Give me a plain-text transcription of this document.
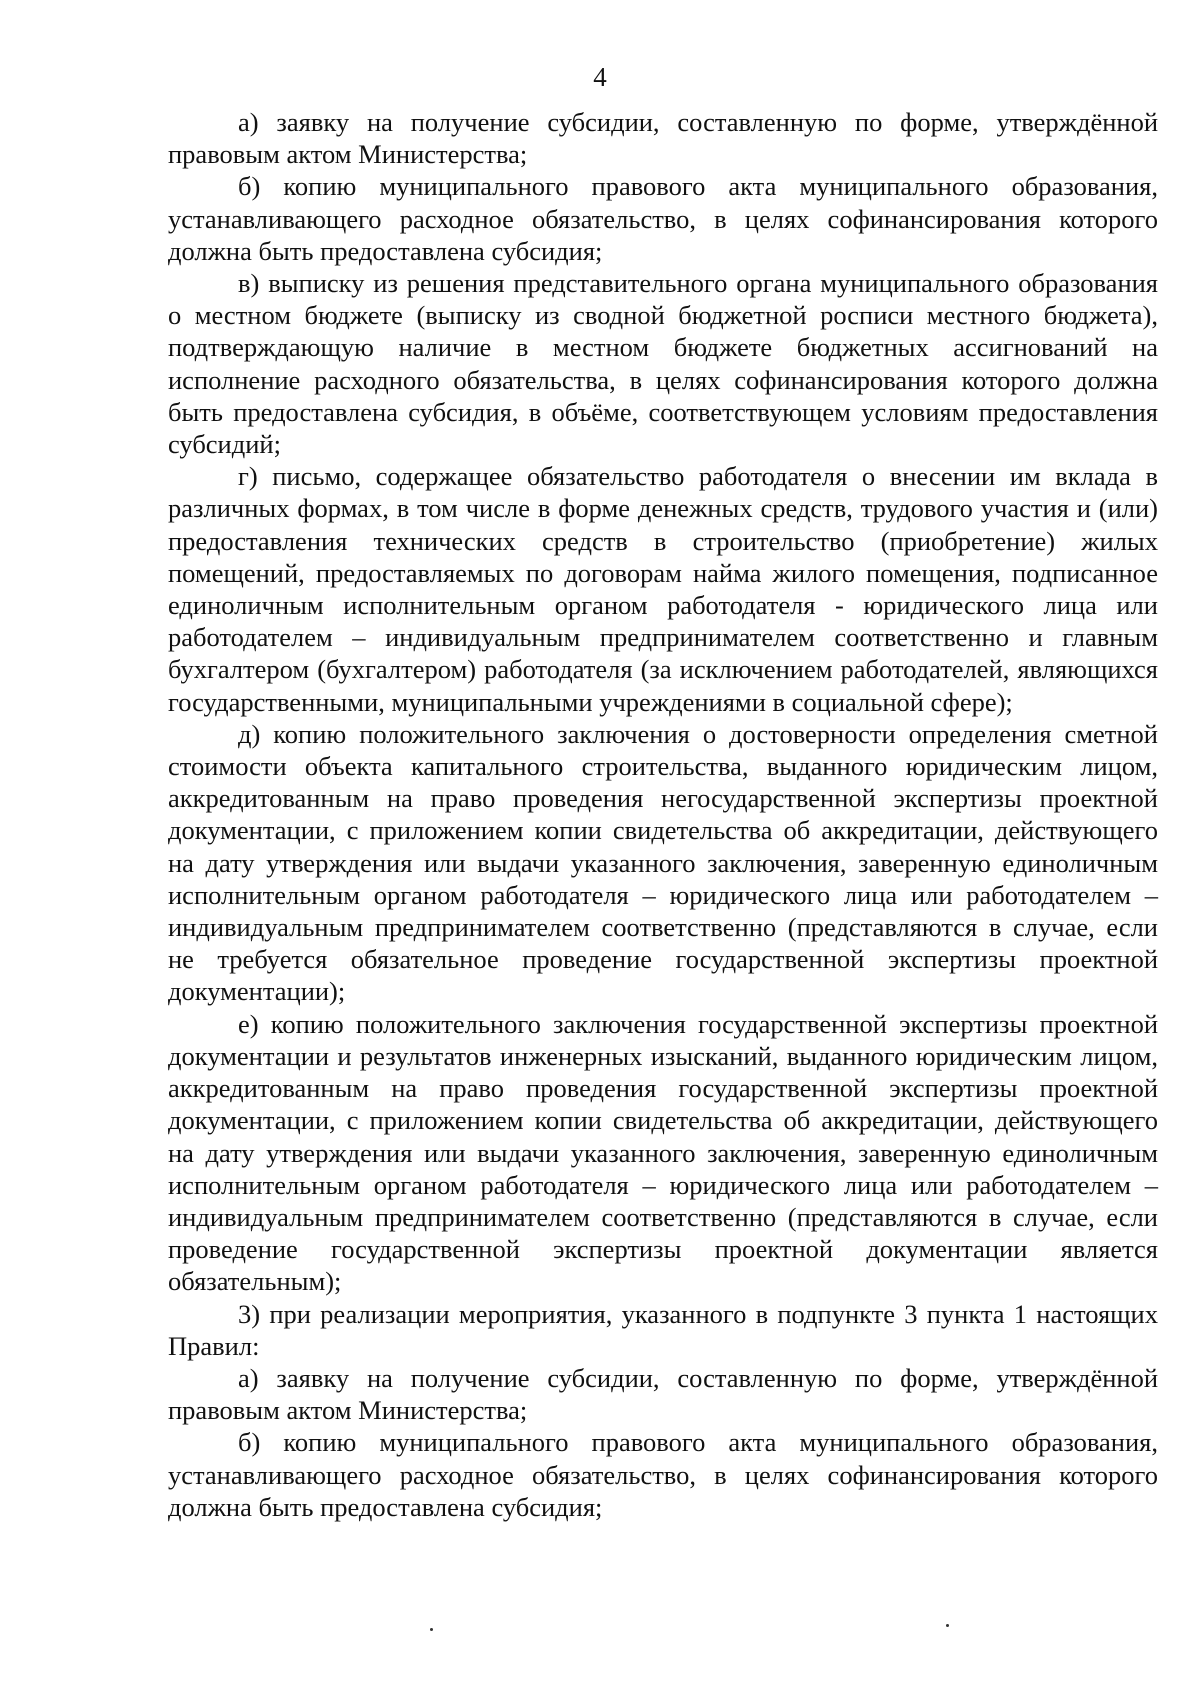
4

а) заявку на получение субсидии, составленную по форме, утверждённой правовым актом Министерства;

б) копию муниципального правового акта муниципального образования, устанавливающего расходное обязательство, в целях софинансирования которого должна быть предоставлена субсидия;

в) выписку из решения представительного органа муниципального образования о местном бюджете (выписку из сводной бюджетной росписи местного бюджета), подтверждающую наличие в местном бюджете бюджетных ассигнований на исполнение расходного обязательства, в целях софинансирования которого должна быть предоставлена субсидия, в объёме, соответствующем условиям предоставления субсидий;

г) письмо, содержащее обязательство работодателя о внесении им вклада в различных формах, в том числе в форме денежных средств, трудового участия и (или) предоставления технических средств в строительство (приобретение) жилых помещений, предоставляемых по договорам найма жилого помещения, подписанное единоличным исполнительным органом работодателя - юридического лица или работодателем – индивидуальным предпринимателем соответственно и главным бухгалтером (бухгалтером) работодателя (за исключением работодателей, являющихся государственными, муниципальными учреждениями в социальной сфере);

д) копию положительного заключения о достоверности определения сметной стоимости объекта капитального строительства, выданного юридическим лицом, аккредитованным на право проведения негосударственной экспертизы проектной документации, с приложением копии свидетельства об аккредитации, действующего на дату утверждения или выдачи указанного заключения, заверенную единоличным исполнительным органом работодателя – юридического лица или работодателем – индивидуальным предпринимателем соответственно (представляются в случае, если не требуется обязательное проведение государственной экспертизы проектной документации);

е) копию положительного заключения государственной экспертизы проектной документации и результатов инженерных изысканий, выданного юридическим лицом, аккредитованным на право проведения государственной экспертизы проектной документации, с приложением копии свидетельства об аккредитации, действующего на дату утверждения или выдачи указанного заключения, заверенную единоличным исполнительным органом работодателя – юридического лица или работодателем – индивидуальным предпринимателем соответственно (представляются в случае, если проведение государственной экспертизы проектной документации является обязательным);

3) при реализации мероприятия, указанного в подпункте 3 пункта 1 настоящих Правил:

а) заявку на получение субсидии, составленную по форме, утверждённой правовым актом Министерства;

б) копию муниципального правового акта муниципального образования, устанавливающего расходное обязательство, в целях софинансирования которого должна быть предоставлена субсидия;
